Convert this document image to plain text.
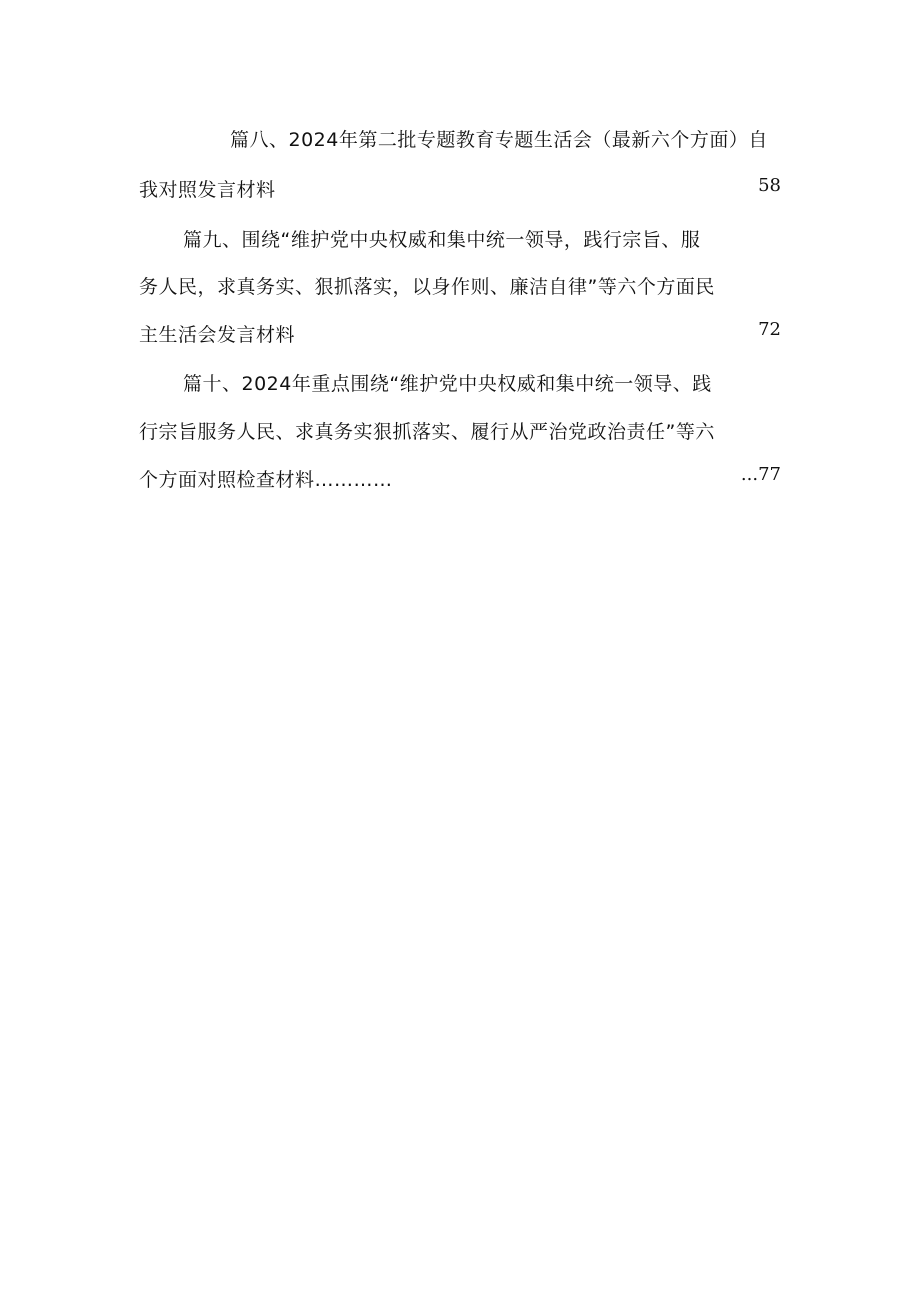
篇八、2024年第二批专题教育专题生活会（最新六个方面）自
我对照发言材料	58
篇九、围绕“维护党中央权威和集中统一领导，践行宗旨、服
务人民，求真务实、狠抓落实，以身作则、廉洁自律”等六个方面民
主生活会发言材料	72
篇十、2024年重点围绕“维护党中央权威和集中统一领导、践
行宗旨服务人民、求真务实狠抓落实、履行从严治党政治责任”等六
个方面对照检查材料…………	...77
